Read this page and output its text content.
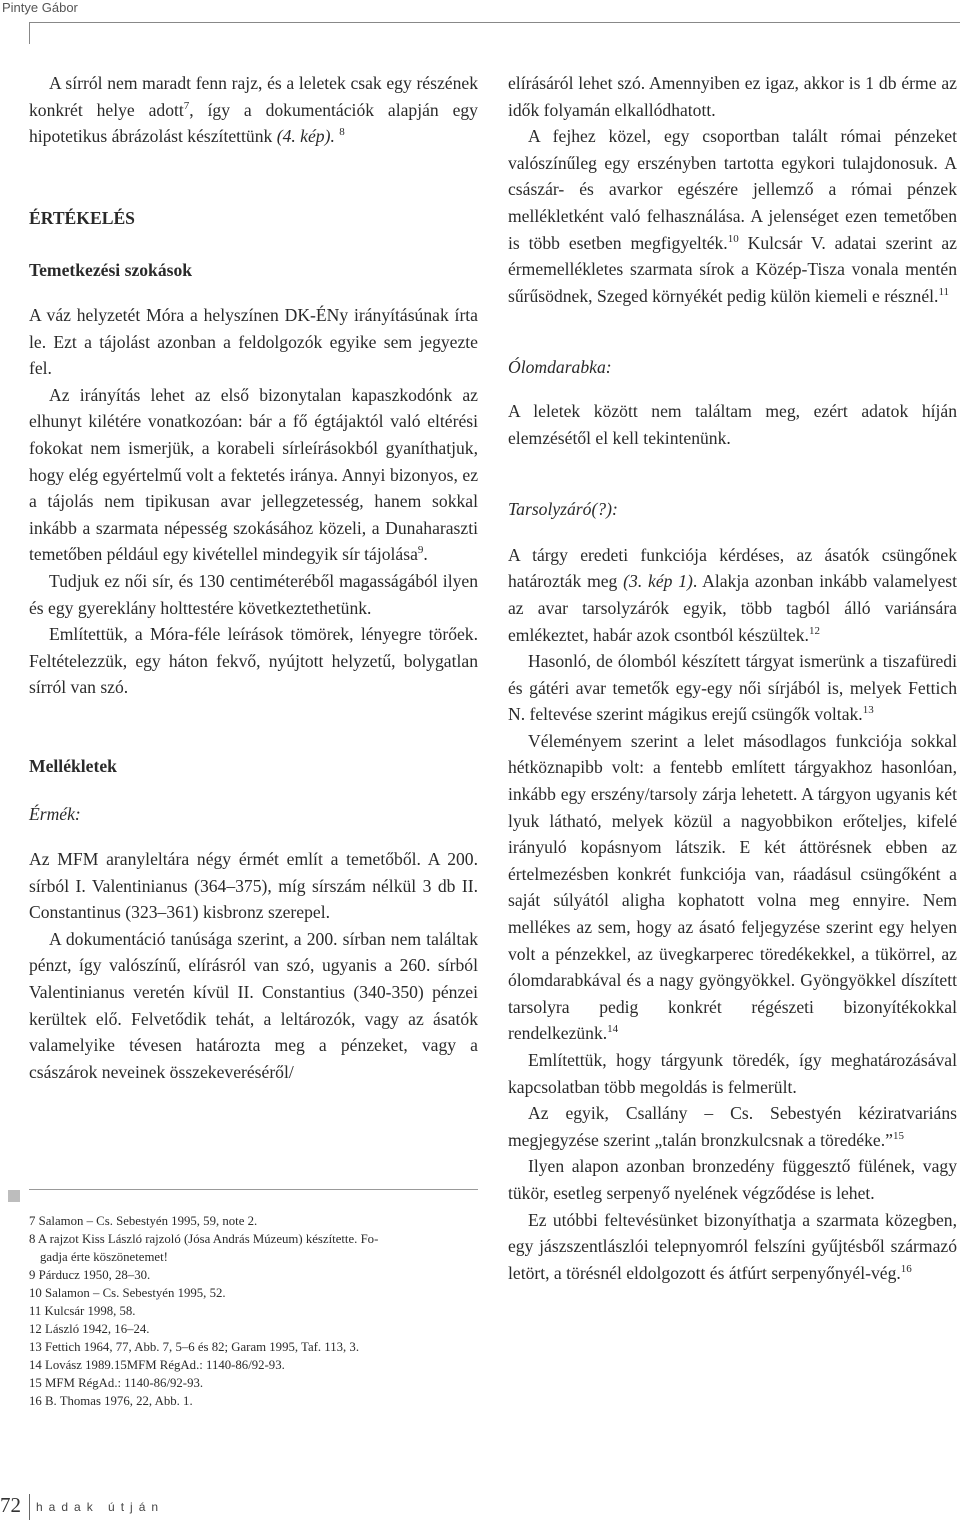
Pintye Gábor

A sírról nem maradt fenn rajz, és a leletek csak egy részének konkrét helye adott$^7$, így a dokumentációk alapján egy hipotetikus ábrázolást készítettünk (4. kép). $^8$

ÉRTÉKELÉS

Temetkezési szokások

A váz helyzetét Móra a helyszínen DK-ÉNy irányításúnak írta le. Ezt a tájolást azonban a feldolgozók egyike sem jegyezte fel.

Az irányítás lehet az első bizonytalan kapaszkodónk az elhunyt kilétére vonatkozóan: bár a fő égtájaktól való eltérési fokokat nem ismerjük, a korabeli sírleírásokból gyaníthatjuk, hogy elég egyértelmű volt a fektetés iránya. Annyi bizonyos, ez a tájolás nem tipikusan avar jellegzetesség, hanem sokkal inkább a szarmata népesség szokásához közeli, a Dunaharaszti temetőben például egy kivétellel mindegyik sír tájolása$^9$.

Tudjuk ez női sír, és 130 centiméteréből magasságából ilyen és egy gyereklány holttestére következtethetünk.

Említettük, a Móra-féle leírások tömörek, lényegre törőek. Feltételezzük, egy háton fekvő, nyújtott helyzetű, bolygatlan sírról van szó.

Mellékletek

Érmék:

Az MFM aranyleltára négy érmét említ a temetőből. A 200. sírból I. Valentinianus (364–375), míg sírszám nélkül 3 db II. Constantinus (323–361) kisbronz szerepel.

A dokumentáció tanúsága szerint, a 200. sírban nem találtak pénzt, így valószínű, elírásról van szó, ugyanis a 260. sírból Valentinianus veretén kívül II. Constantius (340-350) pénzei kerültek elő. Felvetődik tehát, a leltározók, vagy az ásatók valamelyike tévesen határozta meg a pénzeket, vagy a császárok neveinek összekeveréséről/

elírásáról lehet szó. Amennyiben ez igaz, akkor is 1 db érme az idők folyamán elkallódhatott.

A fejhez közel, egy csoportban talált római pénzeket valószínűleg egy erszényben tartotta egykori tulajdonosuk. A császár- és avarkor egészére jellemző a római pénzek mellékletként való felhasználása. A jelenséget ezen temetőben is több esetben megfigyelték.$^{10}$ Kulcsár V. adatai szerint az érmemellékletes szarmata sírok a Közép-Tisza vonala mentén sűrűsödnek, Szeged környékét pedig külön kiemeli e résznél.$^{11}$

Ólomdarabka:

A leletek között nem találtam meg, ezért adatok híján elemzésétől el kell tekintenünk.

Tarsolyzáró(?):

A tárgy eredeti funkciója kérdéses, az ásatók csüngőnek határozták meg (3. kép 1). Alakja azonban inkább valamelyest az avar tarsolyzárók egyik, több tagból álló variánsára emlékeztet, habár azok csontból készültek.$^{12}$

Hasonló, de ólomból készített tárgyat ismerünk a tiszafüredi és gátéri avar temetők egy-egy női sírjából is, melyek Fettich N. feltevése szerint mágikus erejű csüngők voltak.$^{13}$

Véleményem szerint a lelet másodlagos funkciója sokkal hétköznapibb volt: a fentebb említett tárgyakhoz hasonlóan, inkább egy erszény/tarsoly zárja lehetett. A tárgyon ugyanis két lyuk látható, melyek közül a nagyobbikon erőteljes, kifelé irányuló kopásnyom látszik. E két áttörésnek ebben az értelmezésben konkrét funkciója van, ráadásul csüngőként a saját súlyától aligha kophatott volna meg ennyire. Nem mellékes az sem, hogy az ásató feljegyzése szerint egy helyen volt a pénzekkel, az üvegkarperec töredékekkel, a tükörrel, az ólomdarabkával és a nagy gyöngyökkel. Gyöngyökkel díszített tarsolyra pedig konkrét régészeti bizonyítékokkal rendelkezünk.$^{14}$

Említettük, hogy tárgyunk töredék, így meghatározásával kapcsolatban több megoldás is felmerült.

Az egyik, Csallány – Cs. Sebestyén kéziratvariáns megjegyzése szerint „talán bronzkulcsnak a töredéke.”$^{15}$

Ilyen alapon azonban bronzedény függesztő fülének, vagy tükör, esetleg serpenyő nyelének végződése is lehet.

Ez utóbbi feltevésünket bizonyíthatja a szarmata közegben, egy jászszentlászlói telepnyomról felszíni gyűjtésből származó letört, a törésnél eldolgozott és átfúrt serpenyőnyél-vég.$^{16}$

7 Salamon – Cs. Sebestyén 1995, 59, note 2.
8 A rajzot Kiss László rajzoló (Jósa András Múzeum) készítette. Fo-
gadja érte köszönetemet!
9 Párducz 1950, 28–30.
10 Salamon – Cs. Sebestyén 1995, 52.
11 Kulcsár 1998, 58.
12 László 1942, 16–24.
13 Fettich 1964, 77, Abb. 7, 5–6 és 82; Garam 1995, Taf. 113, 3.
14 Lovász 1989.15MFM RégAd.: 1140-86/92-93.
15 MFM RégAd.: 1140-86/92-93.
16 B. Thomas 1976, 22, Abb. 1.
72 hadak útján
